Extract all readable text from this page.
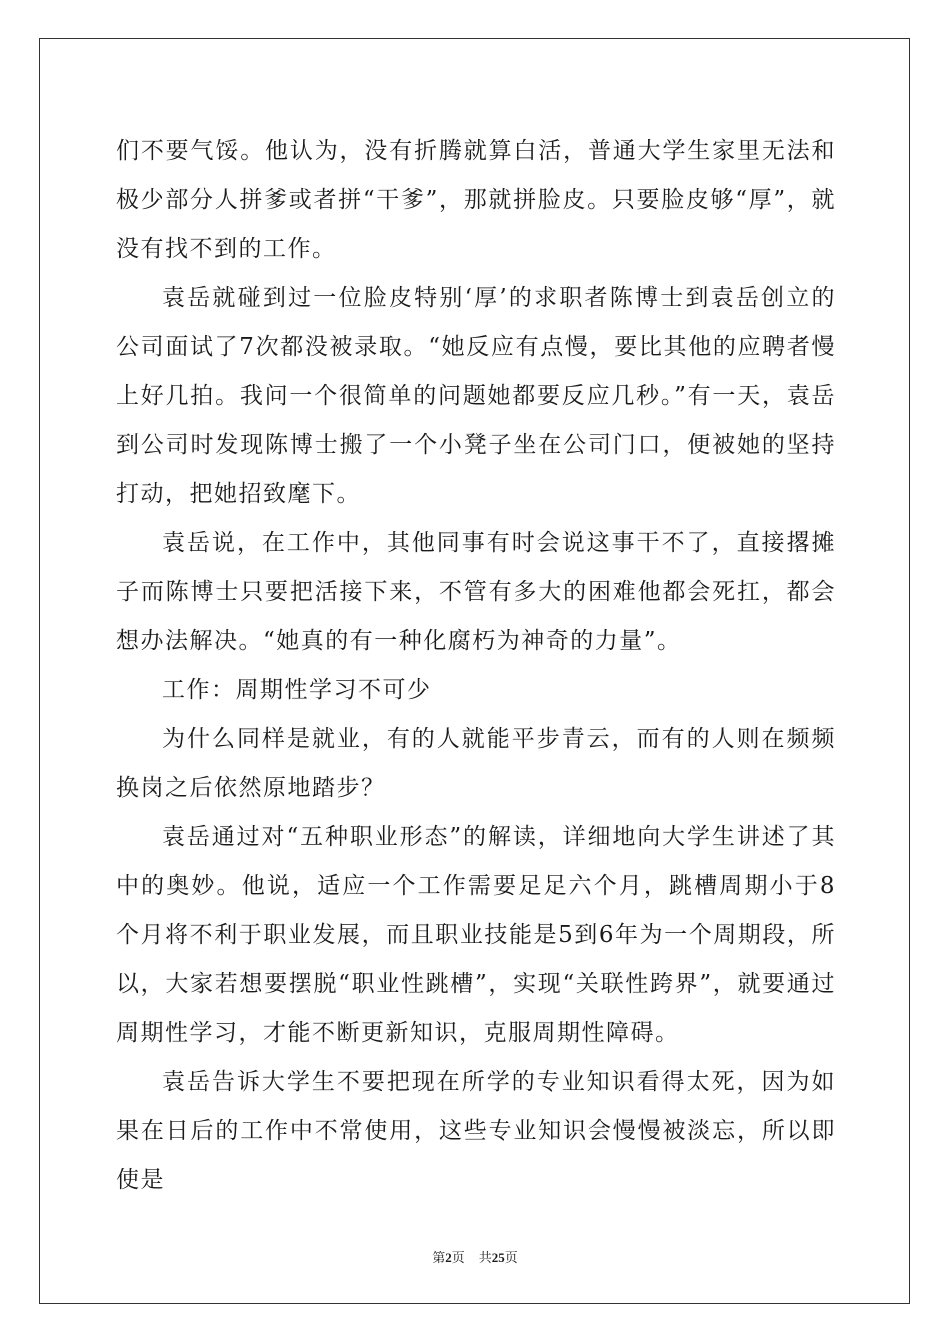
们不要气馁。他认为，没有折腾就算白活，普通大学生家里无法和极少部分人拼爹或者拼“干爹”，那就拼脸皮。只要脸皮够“厚”，就没有找不到的工作。

袁岳就碰到过一位脸皮特别‘厚’的求职者陈博士到袁岳创立的公司面试了7次都没被录取。“她反应有点慢，要比其他的应聘者慢上好几拍。我问一个很简单的问题她都要反应几秒。”有一天，袁岳到公司时发现陈博士搬了一个小凳子坐在公司门口，便被她的坚持打动，把她招致麾下。

袁岳说，在工作中，其他同事有时会说这事干不了，直接撂摊子而陈博士只要把活接下来，不管有多大的困难他都会死扛，都会想办法解决。“她真的有一种化腐朽为神奇的力量”。

工作：周期性学习不可少

为什么同样是就业，有的人就能平步青云，而有的人则在频频换岗之后依然原地踏步？

袁岳通过对“五种职业形态”的解读，详细地向大学生讲述了其中的奥妙。他说，适应一个工作需要足足六个月，跳槽周期小于8个月将不利于职业发展，而且职业技能是5到6年为一个周期段，所以，大家若想要摆脱“职业性跳槽”，实现“关联性跨界”，就要通过周期性学习，才能不断更新知识，克服周期性障碍。

袁岳告诉大学生不要把现在所学的专业知识看得太死，因为如果在日后的工作中不常使用，这些专业知识会慢慢被淡忘，所以即使是

第2页 共25页
